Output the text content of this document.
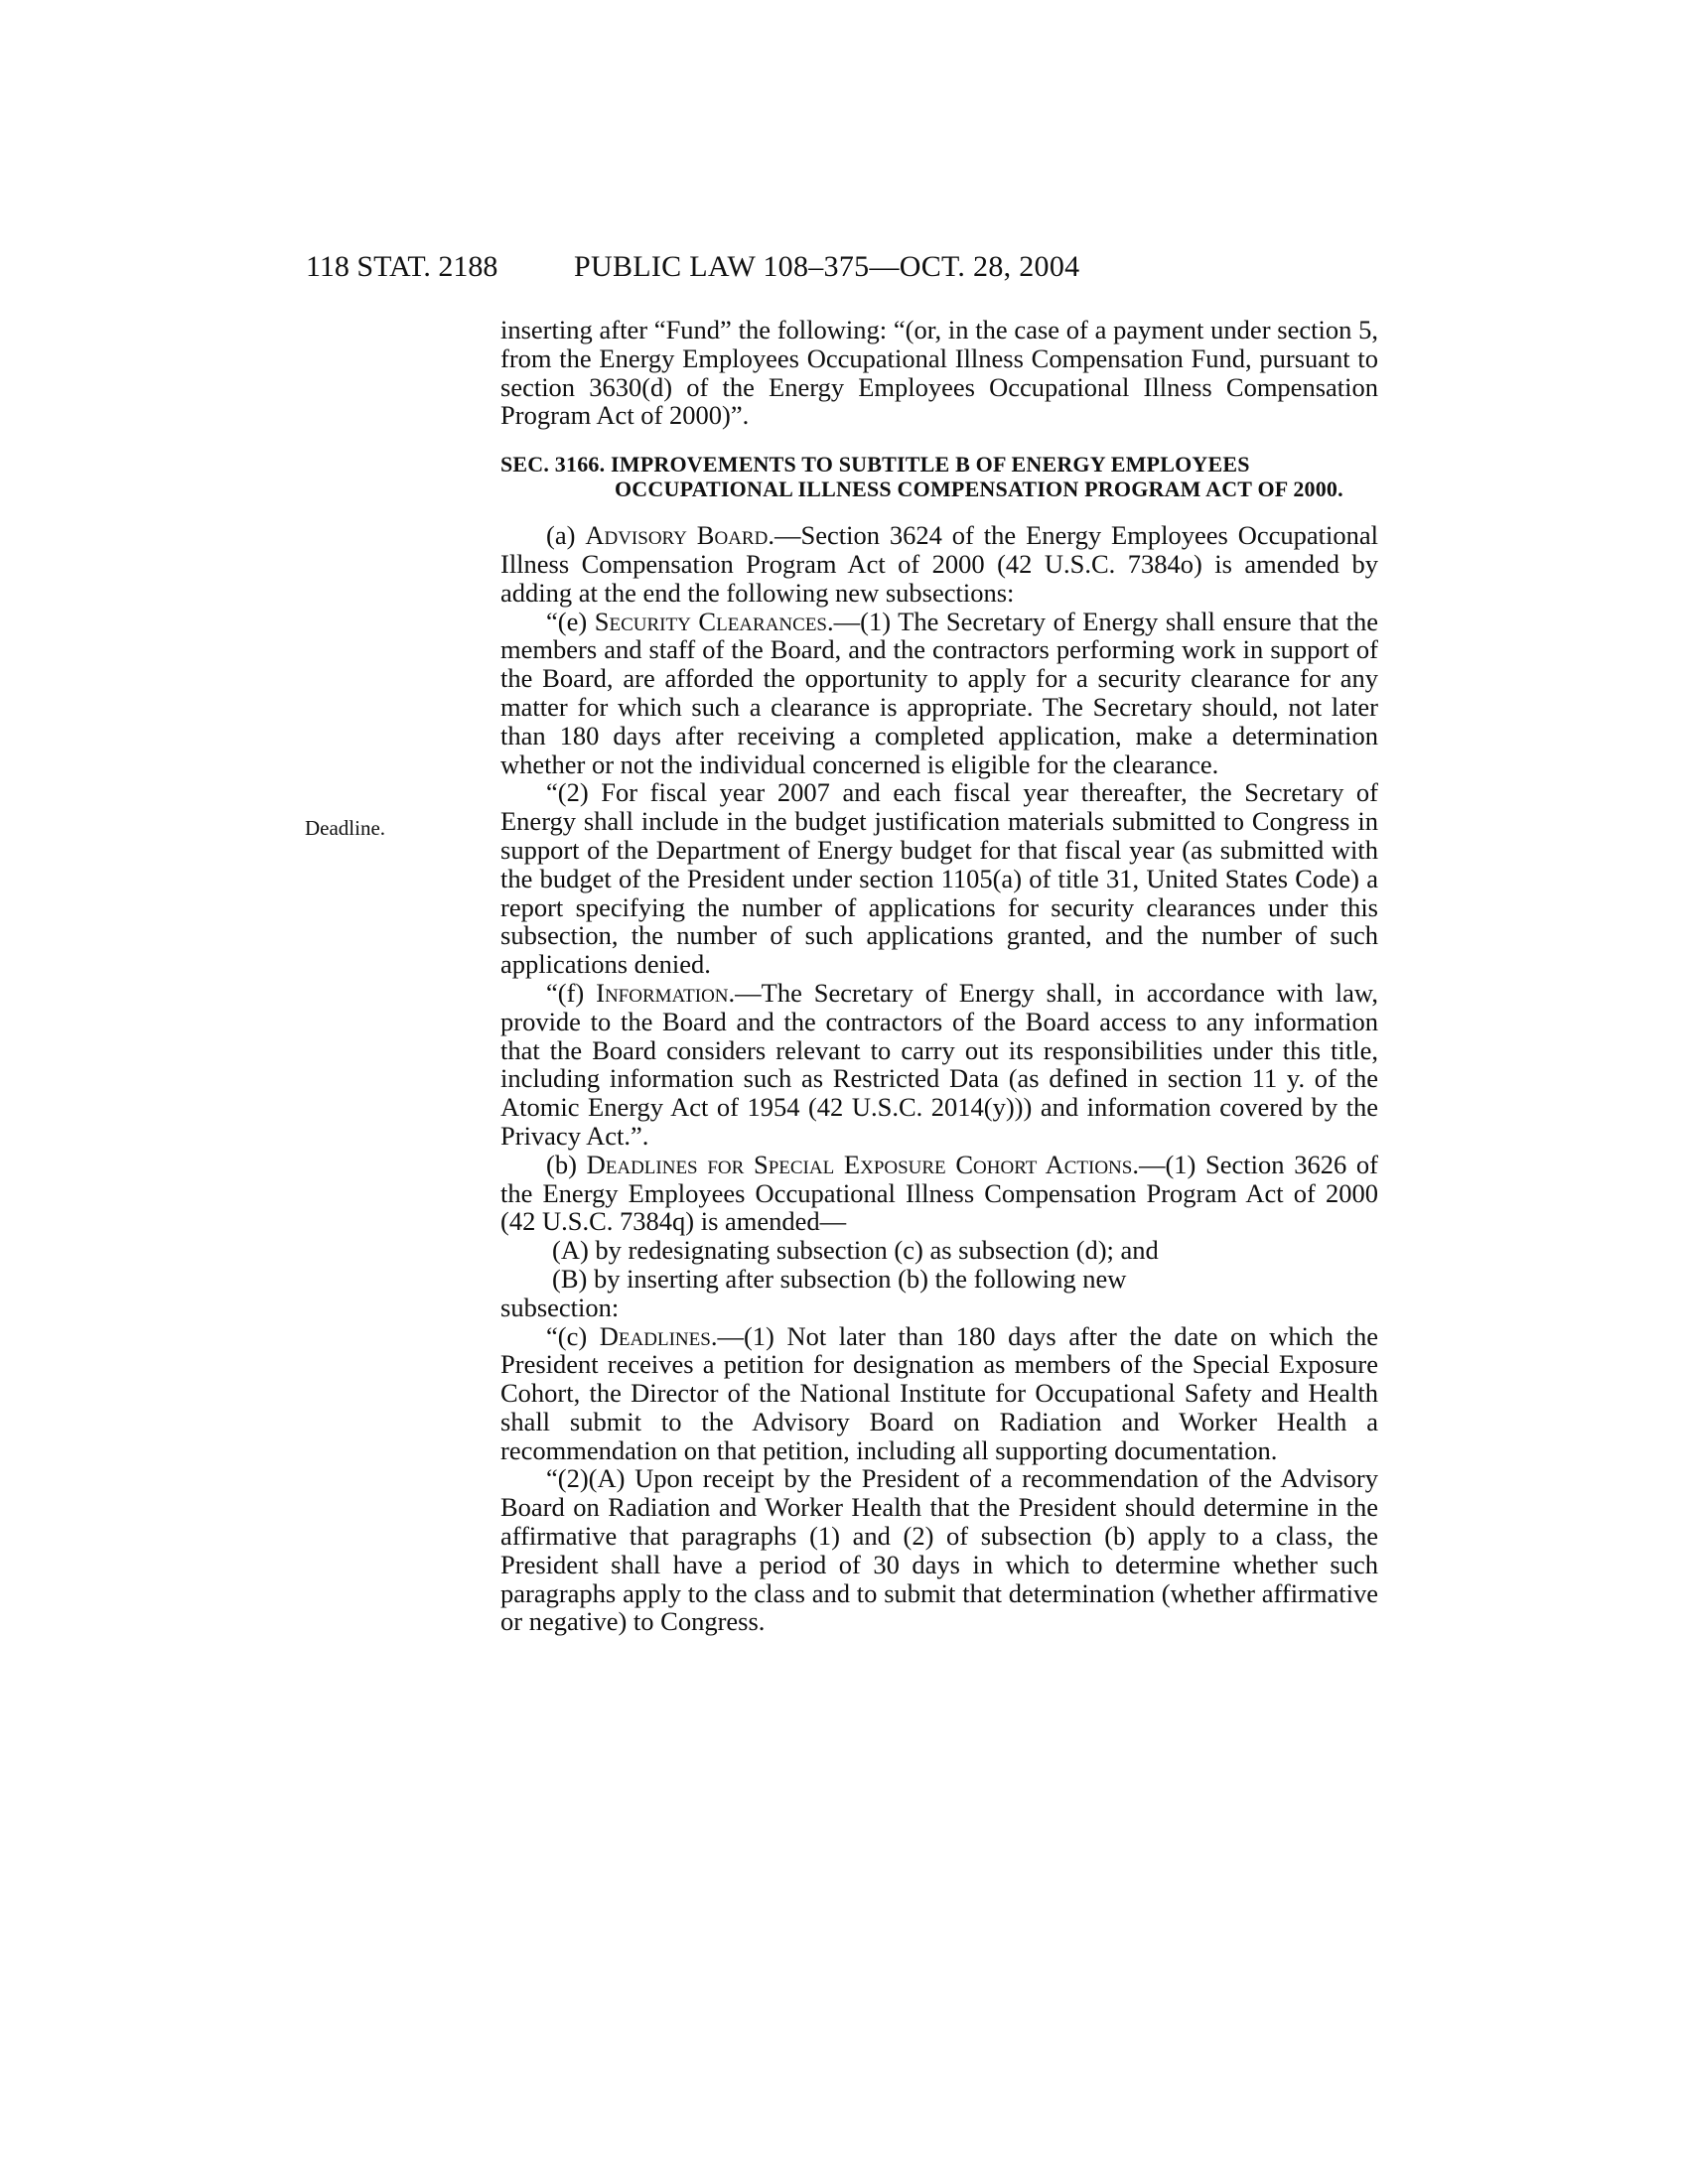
118 STAT. 2188	PUBLIC LAW 108–375—OCT. 28, 2004
Deadline.

inserting after “Fund” the following: “(or, in the case of a payment under section 5, from the Energy Employees Occupational Illness Compensation Fund, pursuant to section 3630(d) of the Energy Employees Occupational Illness Compensation Program Act of 2000)”.

SEC. 3166. IMPROVEMENTS TO SUBTITLE B OF ENERGY EMPLOYEES OCCUPATIONAL ILLNESS COMPENSATION PROGRAM ACT OF 2000.

(a) Advisory Board.—Section 3624 of the Energy Employees Occupational Illness Compensation Program Act of 2000 (42 U.S.C. 7384o) is amended by adding at the end the following new subsections:

“(e) Security Clearances.—(1) The Secretary of Energy shall ensure that the members and staff of the Board, and the contractors performing work in support of the Board, are afforded the opportunity to apply for a security clearance for any matter for which such a clearance is appropriate. The Secretary should, not later than 180 days after receiving a completed application, make a determination whether or not the individual concerned is eligible for the clearance.

“(2) For fiscal year 2007 and each fiscal year thereafter, the Secretary of Energy shall include in the budget justification materials submitted to Congress in support of the Department of Energy budget for that fiscal year (as submitted with the budget of the President under section 1105(a) of title 31, United States Code) a report specifying the number of applications for security clearances under this subsection, the number of such applications granted, and the number of such applications denied.

“(f) Information.—The Secretary of Energy shall, in accordance with law, provide to the Board and the contractors of the Board access to any information that the Board considers relevant to carry out its responsibilities under this title, including information such as Restricted Data (as defined in section 11 y. of the Atomic Energy Act of 1954 (42 U.S.C. 2014(y))) and information covered by the Privacy Act.”.

(b) Deadlines for Special Exposure Cohort Actions.—(1) Section 3626 of the Energy Employees Occupational Illness Compensation Program Act of 2000 (42 U.S.C. 7384q) is amended—

(A) by redesignating subsection (c) as subsection (d); and

(B) by inserting after subsection (b) the following new
subsection:

“(c) Deadlines.—(1) Not later than 180 days after the date on which the President receives a petition for designation as members of the Special Exposure Cohort, the Director of the National Institute for Occupational Safety and Health shall submit to the Advisory Board on Radiation and Worker Health a recommendation on that petition, including all supporting documentation.

“(2)(A) Upon receipt by the President of a recommendation of the Advisory Board on Radiation and Worker Health that the President should determine in the affirmative that paragraphs (1) and (2) of subsection (b) apply to a class, the President shall have a period of 30 days in which to determine whether such paragraphs apply to the class and to submit that determination (whether affirmative or negative) to Congress.
